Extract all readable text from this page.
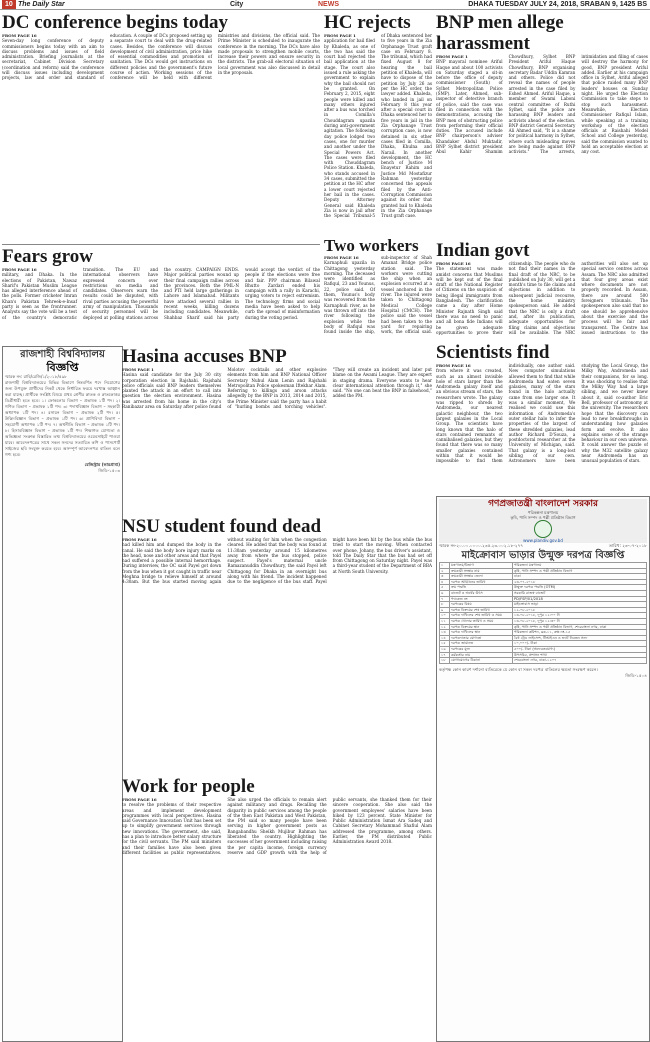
10 The Daily Star	City	NEWS	DHAKA TUESDAY JULY 24, 2018, SRABAN 9, 1425 BS
DC conference begins today
FROM PAGE 16
Seven-day long conference of deputy commissioners begins today with an aim to discuss problems and issues of field administration. Briefing journalists at the secretariat, Cabinet Division Secretary (coordination and reform) said the conference will discuss issues including development projects, law and order and standard of education. A couple of DCs proposed setting up a separate court to deal with the drug-related cases. Besides, the conference will discuss development of civil administration, price hike of essential commodities and promotion of sanitation. The DCs would get instructions on different policies and the government's future course of action. Working sessions of the conference will be held with different ministries and divisions, the official said. The Prime Minister is scheduled to inaugurate the conference in the morning. The DCs have also made proposals to strengthen mobile courts, increase their powers and ensure security in the districts. The grab-all electoral situation of local government was also discussed in detail in the proposals.
Fears grow
FROM PAGE 16
military, and Dhaka. In the elections of Pakistan, Nawaz Sharif's Pakistan Muslim League has alleged interference ahead of the polls. Former cricketer Imran Khan's Pakistan Tehreek-e-Insaf party is seen as the frontrunner. Analysts say the vote will be a test of the country's democratic transition. The EU and international observers have expressed concern over restrictions on media and candidates. Observers warn the results could be disputed, with rival parties accusing the powerful army of manipulation. Thousands of security personnel will be deployed at polling stations across the country. CAMPAIGN ENDS. Major political parties wound up their final campaign rallies across the provinces. Both the PML-N and PTI held large gatherings in Lahore and Islamabad. Militants have attacked several rallies in recent weeks, killing dozens including candidates. Meanwhile, Shahbaz Sharif said his party would accept the verdict of the people if the elections were free and fair. PPP chairman Bilawal Bhutto Zardari ended his campaign with a rally in Karachi, urging voters to reject extremism. The technology firms and social media have been asked to help curb the spread of misinformation during the voting period.
HC rejects
FROM PAGE 1
application for bail filed by Khaleda, as one of the two has said the court had rejected the bail application at the stage. The court also issued a rule asking the government to explain why the bail should not be granted. On February 2, 2015, eight people were killed and many others injured after a bus was torched in Comilla's Chouddagram upazila during anti-government agitation. The following day police lodged two cases, one for murder and another under the Special Powers Act. The cases were filed with Chouddagram Police Station. Khaleda, who stands accused in 34 cases, submitted the petition at the HC after a lower court rejected her bail in the cases. Deputy Attorney General said Khaleda Zia is now in jail after the Special Tribunal-5 of Dhaka sentenced her to five years in the Zia Orphanage Trust graft case on February 8. The tribunal, which had fixed August 8 for hearing the bail petition of Khaleda, will have to dispose of the petition by July 26 as per the HC order, the lawyer added. Khaleda, who landed in jail on February 8 this year after a special court in Dhaka sentenced her to five years in jail in the Zia Orphanage Trust corruption case, is now detained in six other cases filed in Comilla, Dhaka, Khulna and Narail. In another development, the HC bench of Justice M Enayetur Rahim and Justice Md Mostafizur Rahman yesterday concerned the appeals filed by the Anti-Corruption Commission against its order that granted bail to Khaleda in the Zia Orphanage Trust graft case.
Two workers
FROM PAGE 16
Karnaphuli upazila in Chittagong yesterday morning. The deceased were identified as Rafiqul, 23 and Younus, 22, police said. Of them, Younus's body was recovered from the Karnaphuli river, as he was thrown off into the river following the explosion while the body of Rafiqul was found inside the ship, sub-inspector of Shah Amanat Bridge police station said. The workers were cutting the ship when an explosion occurred at a vessel anchored in the river. The injured were taken to Chittagong Medical College Hospital (CMCH). The police said the vessel had been taken to the yard for repairing work, the official said.
BNP men allege harassment
FROM PAGE 1
BNP mayoral nominee Ariful Haque and about 100 activists on Saturday staged a sit-in before the office of deputy commissioner (South) of Sylhet Metropolitan Police (SMP). Later, Ahmed, sub-inspector of detective branch of police, said the case was filed in connection with the demonstrations, accusing the BNP men of obstructing police from performing their official duties. The accused include BNP chairperson's adviser Khandaker Abdul Muktadir, BNP Sylhet district president Abul Kahir Shamim Chowdhury, Sylhet BNP President Ariful Haque Chowdhury, BNP organising secretary Badar Uddin Kamran and others. Police did not reveal the names of people arrested in the case filed by Eshed Ahmed. Ariful Haque, a member of Swami Laboni central committee of Ruthi Sylhet, said the police are harassing BNP leaders and activists ahead of the election. BNP district General Secretary Ali Ahmed said, "It is a shame for political harmony in Sylhet, where such misleading moves are being made against BNP activists." The arrests, intimidation and filing of cases will destroy the harmony for good, BNP president Ariful added. Earlier at his campaign office in Sylhet, Ariful alleged that police raided many BNP leaders' houses on Sunday night. He urged the Election Commission to take steps to stop such harassment. Meanwhile, Election Commissioner Rafiqul Islam, while speaking at a training workshop of the election officials at Raishahi Model School and College yesterday, said the commission wanted to hold an acceptable election at any cost.
Indian govt
FROM PAGE 16
The statement was made amidst concerns that Muslims will be kept out of the final draft of the National Register of Citizens on the suspicion of being illegal immigrants from Bangladesh. The clarification came a day after Home Minister Rajnath Singh said there was no need to panic and all bona fide Indians will be given adequate opportunities to prove their citizenship. The people who do not find their names in the final draft of the NRC, to be published on July 30, will get a month's time to file claims and objections in addition to subsequent judicial recourse, the home ministry spokesperson said. He added that the NRC is only a draft and, after its publication, adequate opportunities for filing claims and objections will be available. The NRC authorities will also set up special service centres across Assam. The NRC also admitted that four grey areas exist where documents are not properly recorded. In Assam, there are around 500 foreigners tribunals. The spokesperson also said that no one should be apprehensive about the exercise and the process will be fair and transparent. The Centre has issued instructions to the
Scientists find
FROM PAGE 16
from where it was created, such as an almost invisible hole of stars larger than the Andromeda galaxy itself and an obvious stream of stars, the researchers wrote. The galaxy was ripped to shreds by Andromeda, our nearest galactic neighbour, the two largest galaxies in the Local Group. The scientists have long known that the halo of stars contained remnants of cannibalised galaxies, but they found that there was so many smaller galaxies contained within that it would be impossible to find them individually, one author said. New computer simulations allowed them to find that while Andromeda had eaten seven galaxies, many of the stars found in the halo actually came from one larger one. It was a similar moment, We realised we could use this information of Andromeda's outer stellar halo to infer the properties of the largest of these shredded galaxies, lead author Richard D'Souza, a postdoctoral researcher at the University of Michigan, said. That galaxy is a long-lost sibling of our own. Astronomers have been studying the Local Group, the Milky Way, Andromeda and their companions, for so long. It was shocking to realise that the Milky Way had a large sibling, and we never knew about it, said co-author Eric Bell, professor of astronomy at the university. The researchers hope that the discovery can lead to new breakthroughs in understanding how galaxies form and evolve. It also explains some of the strange behaviour in our own universe. It could answer the puzzle of why the M32 satellite galaxy near Andromeda has an unusual population of stars.
রাজশাহী বিশ্ববিদ্যালয়
বিজ্ঞপ্তি
স্মারক নং: রাবি/রেজি/১/২০১৮/৫৯৮
রাজশাহী বিশ্ববিদ্যালয়ের বিভিন্ন বিভাগে নিম্নবর্ণিত পদে নিয়োগের জন্য উপযুক্ত প্রার্থীদের নিকট থেকে নির্ধারিত ফরমে দরখাস্ত আহ্বান করা যাচ্ছে। প্রার্থীকে সংশ্লিষ্ট বিষয়ে প্রথম শ্রেণীর স্নাতক ও স্নাতকোত্তর ডিগ্রীধারী হতে হবে। ১। ফোকলোর বিভাগ – প্রভাষক ১টি পদ। ২। গণিত বিভাগ – প্রভাষক ১টি পদ। ৩। পদার্থবিজ্ঞান বিভাগ – সহকারী অধ্যাপক ১টি পদ। ৪। রসায়ন বিভাগ – প্রভাষক ২টি পদ। ৫। উদ্ভিদবিজ্ঞান বিভাগ – প্রভাষক ১টি পদ। ৬। প্রাণিবিদ্যা বিভাগ – সহযোগী অধ্যাপক ১টি পদ। ৭। অর্থনীতি বিভাগ – প্রভাষক ১টি পদ। ৮। হিসাববিজ্ঞান বিভাগ – প্রভাষক ১টি পদ। শিক্ষাগত যোগ্যতা ও অভিজ্ঞতা সংক্রান্ত বিস্তারিত তথ্য বিশ্ববিদ্যালয়ের ওয়েবসাইটে পাওয়া যাবে। আবেদনপত্রের সাথে সকল সনদের সত্যায়িত কপি ও পাসপোর্ট সাইজের ছবি সংযুক্ত করতে হবে। অসম্পূর্ণ আবেদনপত্র বাতিল বলে গণ্য হবে।
রেজিস্ট্রার (ভারপ্রাপ্ত)
জিডি-১৫০৩
Hasina accuses BNP
FROM PAGE 1
Hasina said candidate for the July 30 city corporation election in Rajshahi. Rajshahi police officials said BNP leaders themselves planted the attack in an effort to call into question the election environment. Hasina was arrested from his home in the city's Ranibazar area on Saturday after police found Molotov cocktails and other explosive elements from him and BNP National Officer Secretary Nuhul Alam Lenin and Rajshahi Metropolitan Police spokesman Iftekhar Alam. Referring to killings and arson attacks allegedly by the BNP in 2013, 2014 and 2015, the Prime Minister said the party has a habit of "hurling bombs and torching vehicles". "They will create an incident and later put blame on the Awami League. They are expert in staging drama. Everyone wants to hear clear international attention through it," she said. "No one can beat the BNP in falsehood," added the PM.
NSU student found dead
FROM PAGE 16
had killed him and dumped the body in the canal. He said the body bore injury marks on the head, nose and other areas and that Payel had suffered a possible internal hemorrhage. During interview, the OC said Payel got down from the bus when it got caught in traffic near Meghna bridge to relieve himself at around 4:30am. But the bus started moving again without waiting for him when the congestion cleared. He added that the body was found at 11:30am yesterday around 15 kilometres away from where the bus stopped, police suspect. Payel's maternal uncle Ramazanuddin Chowdhury, the said Payel left Chittagong for Dhaka in an overnight bus along with his friend. The incident happened due to the negligence of the bus staff. Payel might have been hit by the bus while the bus tried to start the moving. When contacted over phone, Johany, the bus driver's assistant, told The Daily Star that the bus had set off from Chittagong on Saturday night. Payel was a third-year student of the Department of BBA at North South University.
Work for people
FROM PAGE 16
to resolve the problems of their respective areas and implement development programmes with local perspectives. Hasina said Governance Innovation Unit has been set up to simplify government services through new innovations. The government, she said, has a plan to introduce better salary structure for the civil servants. The PM said ministers and their families have also been given different facilities as public representatives. She also urged the officials to remain alert against militancy and drugs. Recalling the disparity in public services among the people of the then East Pakistan and West Pakistan, the PM said so many people have been serving in higher government posts as Bangabandhu Sheikh Mujibur Rahman has liberated the country. Highlighting the successes of her government including raising the per capita income, foreign currency reserve and GDP growth with the help of public servants, she thanked them for their sincere cooperation. She also said the government employees' salaries have been hiked by 123 percent. State Minister for Public Administration Ismat Ara Sadeq and Cabinet Secretary Mohammad Shafiul Alam addressed the programme, among others. Earlier, the PM distributed Public Administration Award 2018.
গণপ্রজাতন্ত্রী বাংলাদেশ সরকার
পরিকল্পনা মন্ত্রণালয়
কৃষি, পানি সম্পদ ও পল্লী প্রতিষ্ঠান বিভাগ
www.plandiv.gov.bd
স্মারক নং-২০.০০.০০০০.২৩৫.২৩.০০২.১৮-২৭৭	তারিখ: ২৩-০৭-২০১৮
মাইক্রোবাস ভাড়ার উন্মুক্ত দরপত্র বিজ্ঞপ্তি
১	মন্ত্রণালয়/বিভাগ	পরিকল্পনা মন্ত্রণালয়
২	ক্রয়কারী সংস্থার নাম	কৃষি, পানি সম্পদ ও পল্লী প্রতিষ্ঠান বিভাগ
৩	ক্রয়কারী সংস্থার জেলা	ঢাকা
৪	দরপত্র আহ্বানের তারিখ	২৩-০৭-২০১৮
৫	ক্রয় পদ্ধতি	উন্মুক্ত দরপত্র পদ্ধতি (OTM)
৬	বাজেট ও অর্থের উৎস	সরকারি রাজস্ব বাজেট
৭	প্যাকেজ নং	PD/FSP/01/2018
৮	দরপত্রের বিষয়	মাইক্রোবাস ভাড়া
৯	দরপত্র বিক্রয়ের শেষ তারিখ	১২-০৮-২০১৮
১০	দরপত্র দাখিলের শেষ তারিখ ও সময়	১৩-০৮-২০১৮, দুপুর ১২:০০ টা
১১	দরপত্র খোলার তারিখ ও সময়	১৩-০৮-২০১৮, দুপুর ১২:৩০ টা
১২	দরপত্র বিক্রয়ের স্থান	কৃষি, পানি সম্পদ ও পল্লী প্রতিষ্ঠান বিভাগ, শেরেবাংলা নগর, ঢাকা
১৩	দরপত্র দাখিলের স্থান	পরিকল্পনা কমিশন, ব্লক-১১, কক্ষ নং-১৫
১৪	দরপত্রদাতার যোগ্যতা	বৈধ ট্রেড লাইসেন্স, টিআইএন ও ভ্যাট নিবন্ধন সনদ
১৫	দরপত্র জামানত	১০,০০০/- টাকা
১৬	দরপত্রের মূল্য	৫০০/- টাকা (অফেরতযোগ্য)
১৭	কর্মকর্তার নাম	উপসচিব, প্রশাসন শাখা
১৮	যোগাযোগের ঠিকানা	শেরেবাংলা নগর, ঢাকা-১২০৭
কর্তৃপক্ষ কোন কারণ দর্শানো ব্যতিরেকে যে কোন বা সকল দরপত্র বাতিলের ক্ষমতা সংরক্ষণ করেন।
জিডি-১৫০৪
